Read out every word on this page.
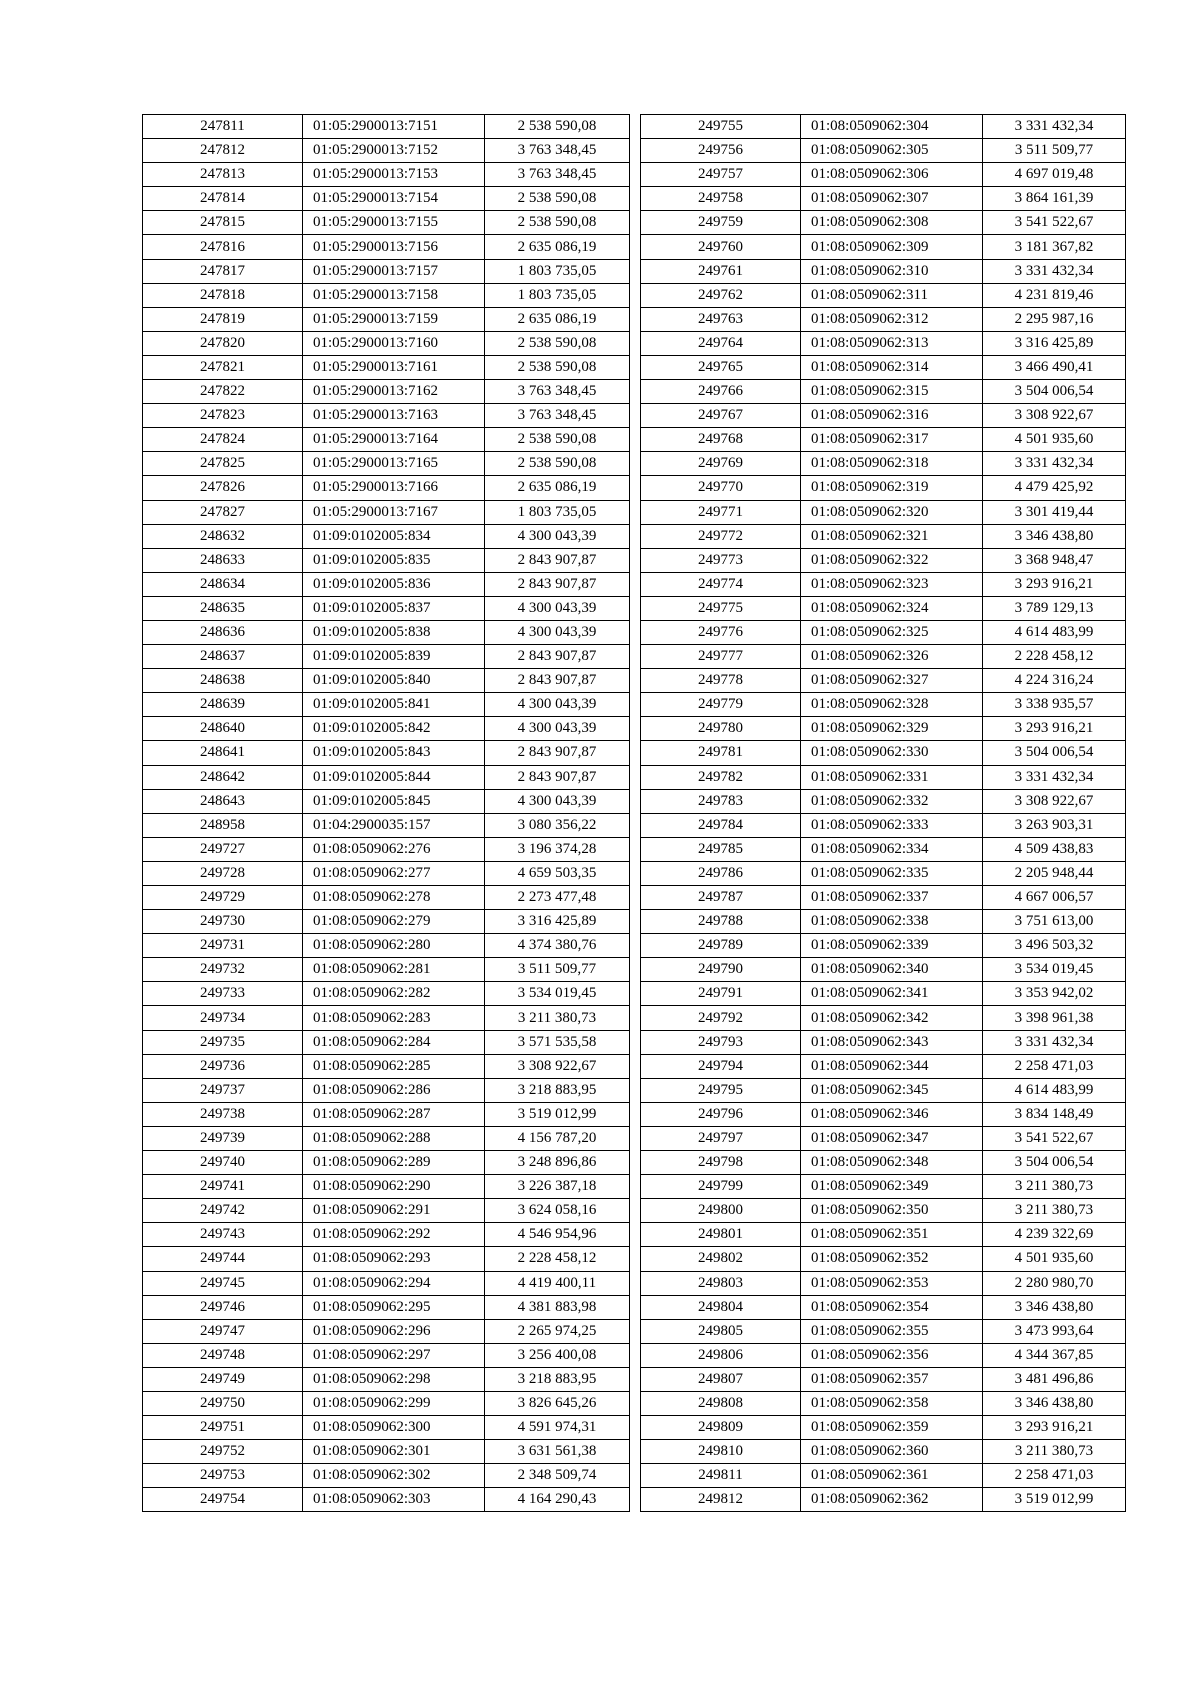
247811	01:05:2900013:7151	2 538 590,08
247812	01:05:2900013:7152	3 763 348,45
247813	01:05:2900013:7153	3 763 348,45
247814	01:05:2900013:7154	2 538 590,08
247815	01:05:2900013:7155	2 538 590,08
247816	01:05:2900013:7156	2 635 086,19
247817	01:05:2900013:7157	1 803 735,05
247818	01:05:2900013:7158	1 803 735,05
247819	01:05:2900013:7159	2 635 086,19
247820	01:05:2900013:7160	2 538 590,08
247821	01:05:2900013:7161	2 538 590,08
247822	01:05:2900013:7162	3 763 348,45
247823	01:05:2900013:7163	3 763 348,45
247824	01:05:2900013:7164	2 538 590,08
247825	01:05:2900013:7165	2 538 590,08
247826	01:05:2900013:7166	2 635 086,19
247827	01:05:2900013:7167	1 803 735,05
248632	01:09:0102005:834	4 300 043,39
248633	01:09:0102005:835	2 843 907,87
248634	01:09:0102005:836	2 843 907,87
248635	01:09:0102005:837	4 300 043,39
248636	01:09:0102005:838	4 300 043,39
248637	01:09:0102005:839	2 843 907,87
248638	01:09:0102005:840	2 843 907,87
248639	01:09:0102005:841	4 300 043,39
248640	01:09:0102005:842	4 300 043,39
248641	01:09:0102005:843	2 843 907,87
248642	01:09:0102005:844	2 843 907,87
248643	01:09:0102005:845	4 300 043,39
248958	01:04:2900035:157	3 080 356,22
249727	01:08:0509062:276	3 196 374,28
249728	01:08:0509062:277	4 659 503,35
249729	01:08:0509062:278	2 273 477,48
249730	01:08:0509062:279	3 316 425,89
249731	01:08:0509062:280	4 374 380,76
249732	01:08:0509062:281	3 511 509,77
249733	01:08:0509062:282	3 534 019,45
249734	01:08:0509062:283	3 211 380,73
249735	01:08:0509062:284	3 571 535,58
249736	01:08:0509062:285	3 308 922,67
249737	01:08:0509062:286	3 218 883,95
249738	01:08:0509062:287	3 519 012,99
249739	01:08:0509062:288	4 156 787,20
249740	01:08:0509062:289	3 248 896,86
249741	01:08:0509062:290	3 226 387,18
249742	01:08:0509062:291	3 624 058,16
249743	01:08:0509062:292	4 546 954,96
249744	01:08:0509062:293	2 228 458,12
249745	01:08:0509062:294	4 419 400,11
249746	01:08:0509062:295	4 381 883,98
249747	01:08:0509062:296	2 265 974,25
249748	01:08:0509062:297	3 256 400,08
249749	01:08:0509062:298	3 218 883,95
249750	01:08:0509062:299	3 826 645,26
249751	01:08:0509062:300	4 591 974,31
249752	01:08:0509062:301	3 631 561,38
249753	01:08:0509062:302	2 348 509,74
249754	01:08:0509062:303	4 164 290,43
249755	01:08:0509062:304	3 331 432,34
249756	01:08:0509062:305	3 511 509,77
249757	01:08:0509062:306	4 697 019,48
249758	01:08:0509062:307	3 864 161,39
249759	01:08:0509062:308	3 541 522,67
249760	01:08:0509062:309	3 181 367,82
249761	01:08:0509062:310	3 331 432,34
249762	01:08:0509062:311	4 231 819,46
249763	01:08:0509062:312	2 295 987,16
249764	01:08:0509062:313	3 316 425,89
249765	01:08:0509062:314	3 466 490,41
249766	01:08:0509062:315	3 504 006,54
249767	01:08:0509062:316	3 308 922,67
249768	01:08:0509062:317	4 501 935,60
249769	01:08:0509062:318	3 331 432,34
249770	01:08:0509062:319	4 479 425,92
249771	01:08:0509062:320	3 301 419,44
249772	01:08:0509062:321	3 346 438,80
249773	01:08:0509062:322	3 368 948,47
249774	01:08:0509062:323	3 293 916,21
249775	01:08:0509062:324	3 789 129,13
249776	01:08:0509062:325	4 614 483,99
249777	01:08:0509062:326	2 228 458,12
249778	01:08:0509062:327	4 224 316,24
249779	01:08:0509062:328	3 338 935,57
249780	01:08:0509062:329	3 293 916,21
249781	01:08:0509062:330	3 504 006,54
249782	01:08:0509062:331	3 331 432,34
249783	01:08:0509062:332	3 308 922,67
249784	01:08:0509062:333	3 263 903,31
249785	01:08:0509062:334	4 509 438,83
249786	01:08:0509062:335	2 205 948,44
249787	01:08:0509062:337	4 667 006,57
249788	01:08:0509062:338	3 751 613,00
249789	01:08:0509062:339	3 496 503,32
249790	01:08:0509062:340	3 534 019,45
249791	01:08:0509062:341	3 353 942,02
249792	01:08:0509062:342	3 398 961,38
249793	01:08:0509062:343	3 331 432,34
249794	01:08:0509062:344	2 258 471,03
249795	01:08:0509062:345	4 614 483,99
249796	01:08:0509062:346	3 834 148,49
249797	01:08:0509062:347	3 541 522,67
249798	01:08:0509062:348	3 504 006,54
249799	01:08:0509062:349	3 211 380,73
249800	01:08:0509062:350	3 211 380,73
249801	01:08:0509062:351	4 239 322,69
249802	01:08:0509062:352	4 501 935,60
249803	01:08:0509062:353	2 280 980,70
249804	01:08:0509062:354	3 346 438,80
249805	01:08:0509062:355	3 473 993,64
249806	01:08:0509062:356	4 344 367,85
249807	01:08:0509062:357	3 481 496,86
249808	01:08:0509062:358	3 346 438,80
249809	01:08:0509062:359	3 293 916,21
249810	01:08:0509062:360	3 211 380,73
249811	01:08:0509062:361	2 258 471,03
249812	01:08:0509062:362	3 519 012,99
